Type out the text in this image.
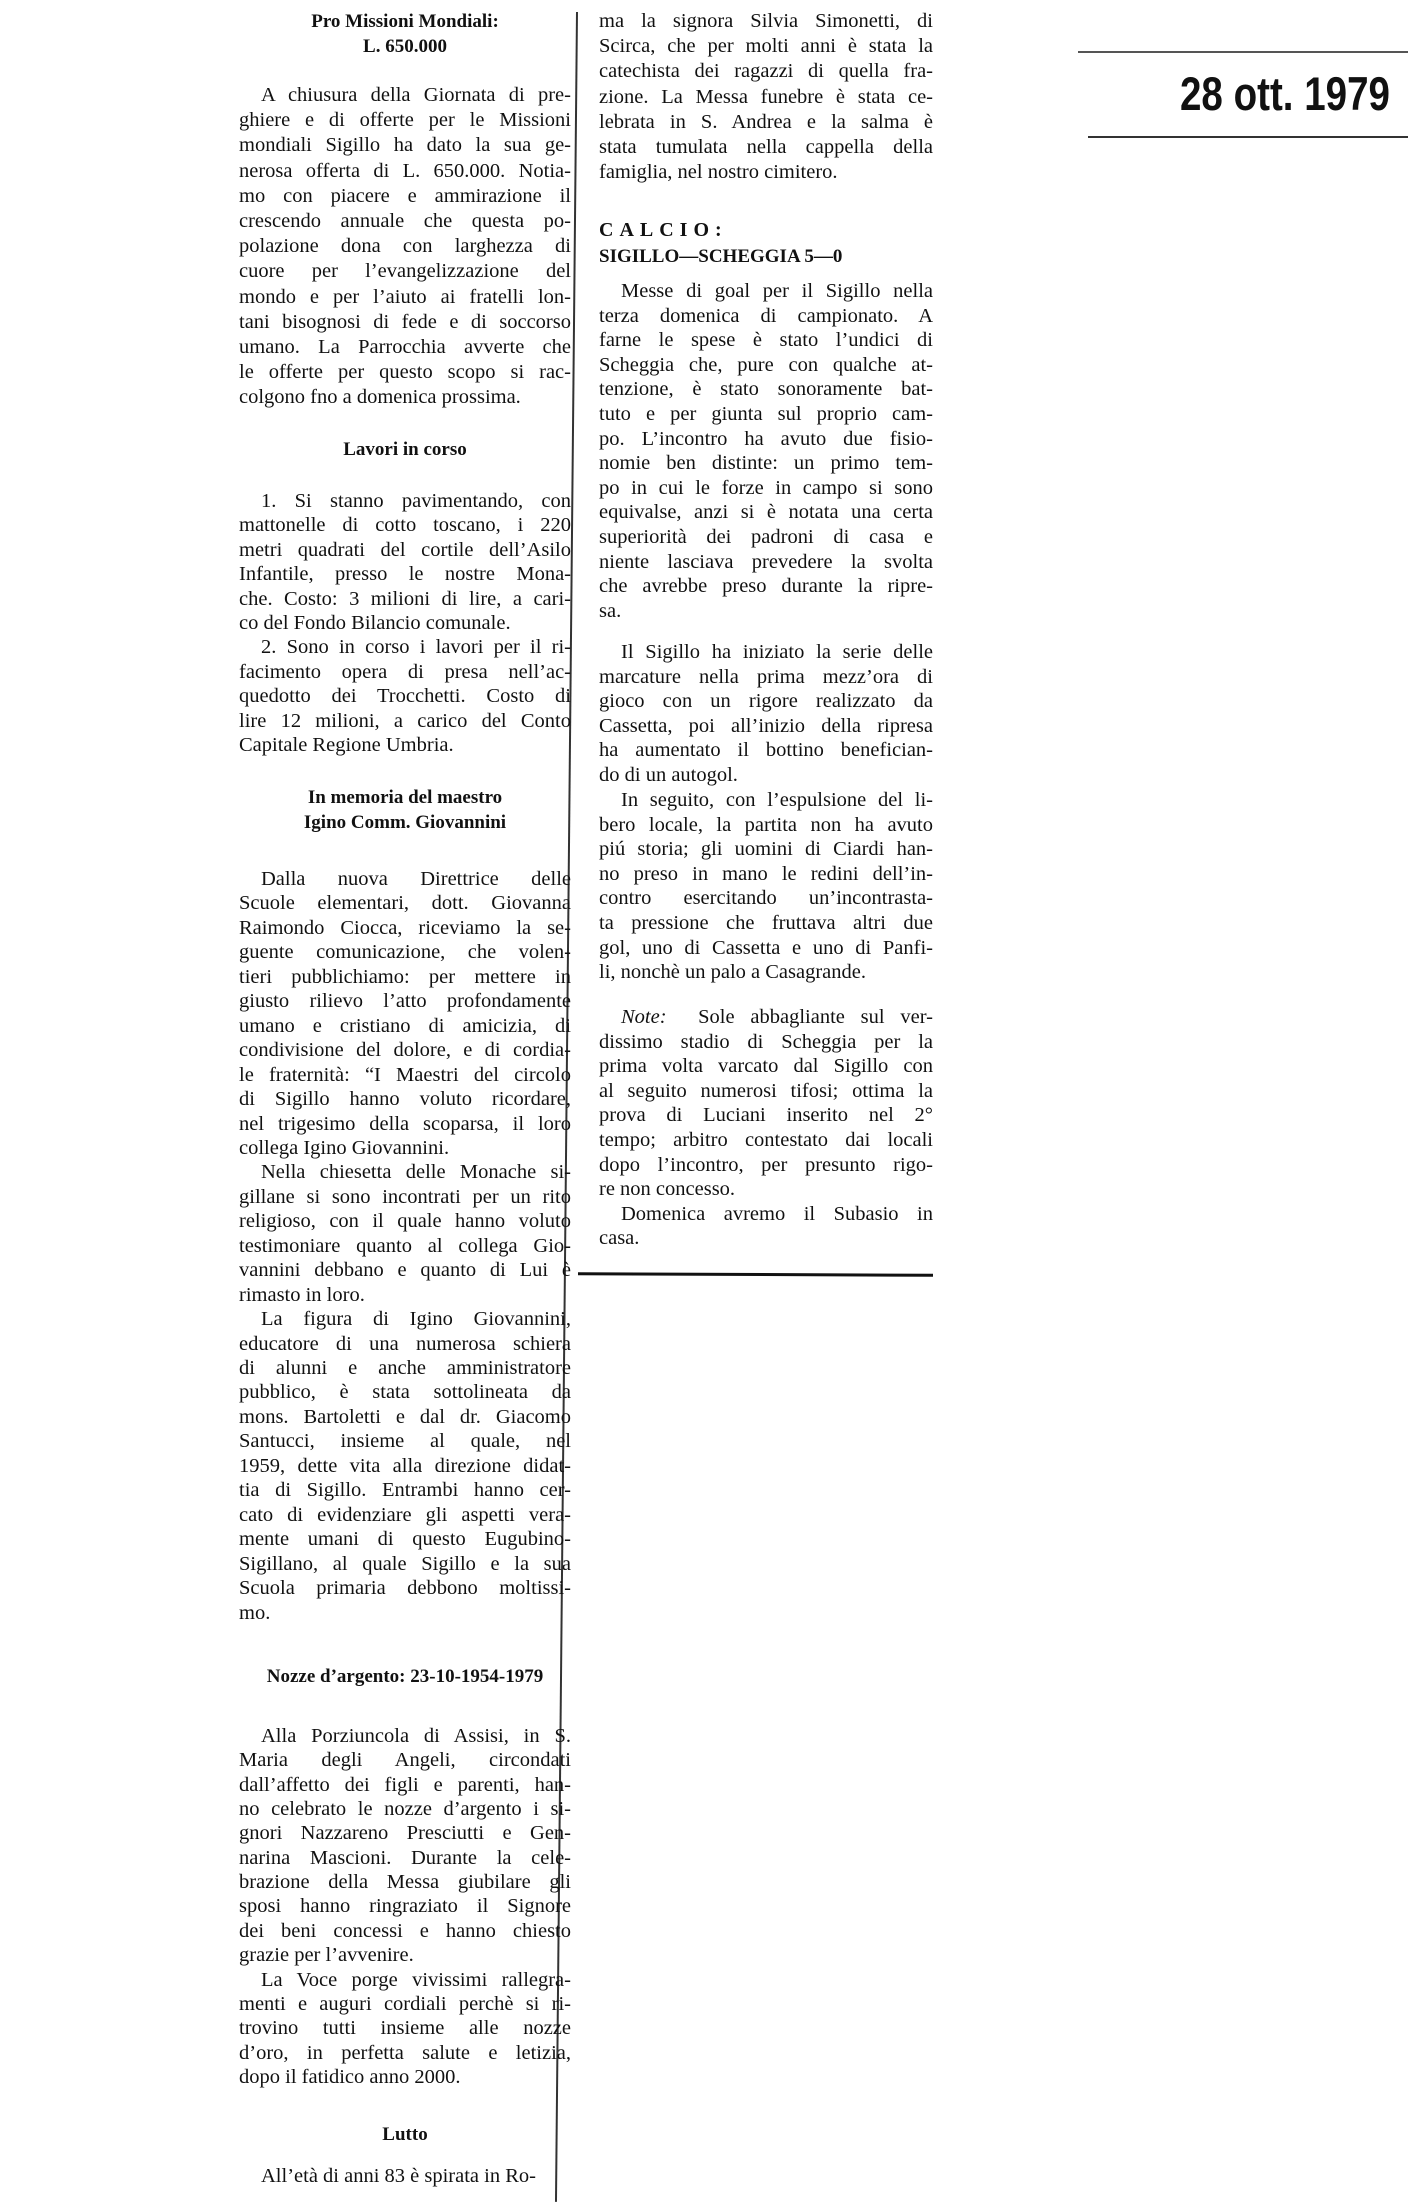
28 ott. 1979
Pro Missioni Mondiali:
L. 650.000
A chiusura della Giornata di pre-
ghiere e di offerte per le Missioni
mondiali Sigillo ha dato la sua ge-
nerosa offerta di L. 650.000. Notia-
mo con piacere e ammirazione il
crescendo annuale che questa po-
polazione dona con larghezza di
cuore per l’evangelizzazione del
mondo e per l’aiuto ai fratelli lon-
tani bisognosi di fede e di soccorso
umano. La Parrocchia avverte che
le offerte per questo scopo si rac-
colgono fno a domenica prossima.
Lavori in corso
1. Si stanno pavimentando, con
mattonelle di cotto toscano, i 220
metri quadrati del cortile dell’Asilo
Infantile, presso le nostre Mona-
che. Costo: 3 milioni di lire, a cari-
co del Fondo Bilancio comunale.
2. Sono in corso i lavori per il ri-
facimento opera di presa nell’ac-
quedotto dei Trocchetti. Costo di
lire 12 milioni, a carico del Conto
Capitale Regione Umbria.
In memoria del maestro
Iginо Comm. Giovannini
Dalla nuova Direttrice delle
Scuole elementari, dott. Giovanna
Raimondo Ciocca, riceviamo la se-
guente comunicazione, che volen-
tieri pubblichiamo: per mettere in
giusto rilievo l’atto profondamente
umano e cristiano di amicizia, di
condivisione del dolore, e di cordia-
le fraternità: “I Maestri del circolo
di Sigillo hanno voluto ricordare,
nel trigesimo della scoparsa, il loro
collega Igino Giovannini.
Nella chiesetta delle Monache si-
gillane si sono incontrati per un rito
religioso, con il quale hanno voluto
testimoniare quanto al collega Gio-
vannini debbano e quanto di Lui è
rimasto in loro.
La figura di Igino Giovannini,
educatore di una numerosa schiera
di alunni e anche amministratore
pubblico, è stata sottolineata da
mons. Bartoletti e dal dr. Giacomo
Santucci, insieme al quale, nel
1959, dette vita alla direzione didat-
tia di Sigillo. Entrambi hanno cer-
cato di evidenziare gli aspetti vera-
mente umani di questo Eugubino-
Sigillano, al quale Sigillo e la sua
Scuola primaria debbono moltissi-
mo.
Nozze d’argento: 23-10-1954-1979
Alla Porziuncola di Assisi, in S.
Maria degli Angeli, circondati
dall’affetto dei figli e parenti, han-
no celebrato le nozze d’argento i si-
gnori Nazzareno Presciutti e Gen-
narina Mascioni. Durante la cele-
brazione della Messa giubilare gli
sposi hanno ringraziato il Signore
dei beni concessi e hanno chiesto
grazie per l’avvenire.
La Voce porge vivissimi rallegra-
menti e auguri cordiali perchè si ri-
trovino tutti insieme alle nozze
d’oro, in perfetta salute e letizia,
dopo il fatidico anno 2000.
Lutto
All’età di anni 83 è spirata in Ro-
ma la signora Silvia Simonetti, di
Scirca, che per molti anni è stata la
catechista dei ragazzi di quella fra-
zione. La Messa funebre è stata ce-
lebrata in S. Andrea e la salma è
stata tumulata nella cappella della
famiglia, nel nostro cimitero.
CALCIO:
SIGILLO—SCHEGGIA 5—0
Messe di goal per il Sigillo nella
terza domenica di campionato. A
farne le spese è stato l’undici di
Scheggia che, pure con qualche at-
tenzione, è stato sonoramente bat-
tuto e per giunta sul proprio cam-
po. L’incontro ha avuto due fisio-
nomie ben distinte: un primo tem-
po in cui le forze in campo si sono
equivalse, anzi si è notata una certa
superiorità dei padroni di casa e
niente lasciava prevedere la svolta
che avrebbe preso durante la ripre-
sa.
Il Sigillo ha iniziato la serie delle
marcature nella prima mezz’ora di
gioco con un rigore realizzato da
Cassetta, poi all’inizio della ripresa
ha aumentato il bottino benefician-
do di un autogol.
In seguito, con l’espulsione del li-
bero locale, la partita non ha avuto
piú storia; gli uomini di Ciardi han-
no preso in mano le redini dell’in-
contro esercitando un’incontrasta-
ta pressione che fruttava altri due
gol, uno di Cassetta e uno di Panfi-
li, nonchè un palo a Casagrande.
Note: Sole abbagliante sul ver-
dissimo stadio di Scheggia per la
prima volta varcato dal Sigillo con
al seguito numerosi tifosi; ottima la
prova di Luciani inserito nel 2°
tempo; arbitro contestato dai locali
dopo l’incontro, per presunto rigo-
re non concesso.
Domenica avremo il Subasio in
casa.
